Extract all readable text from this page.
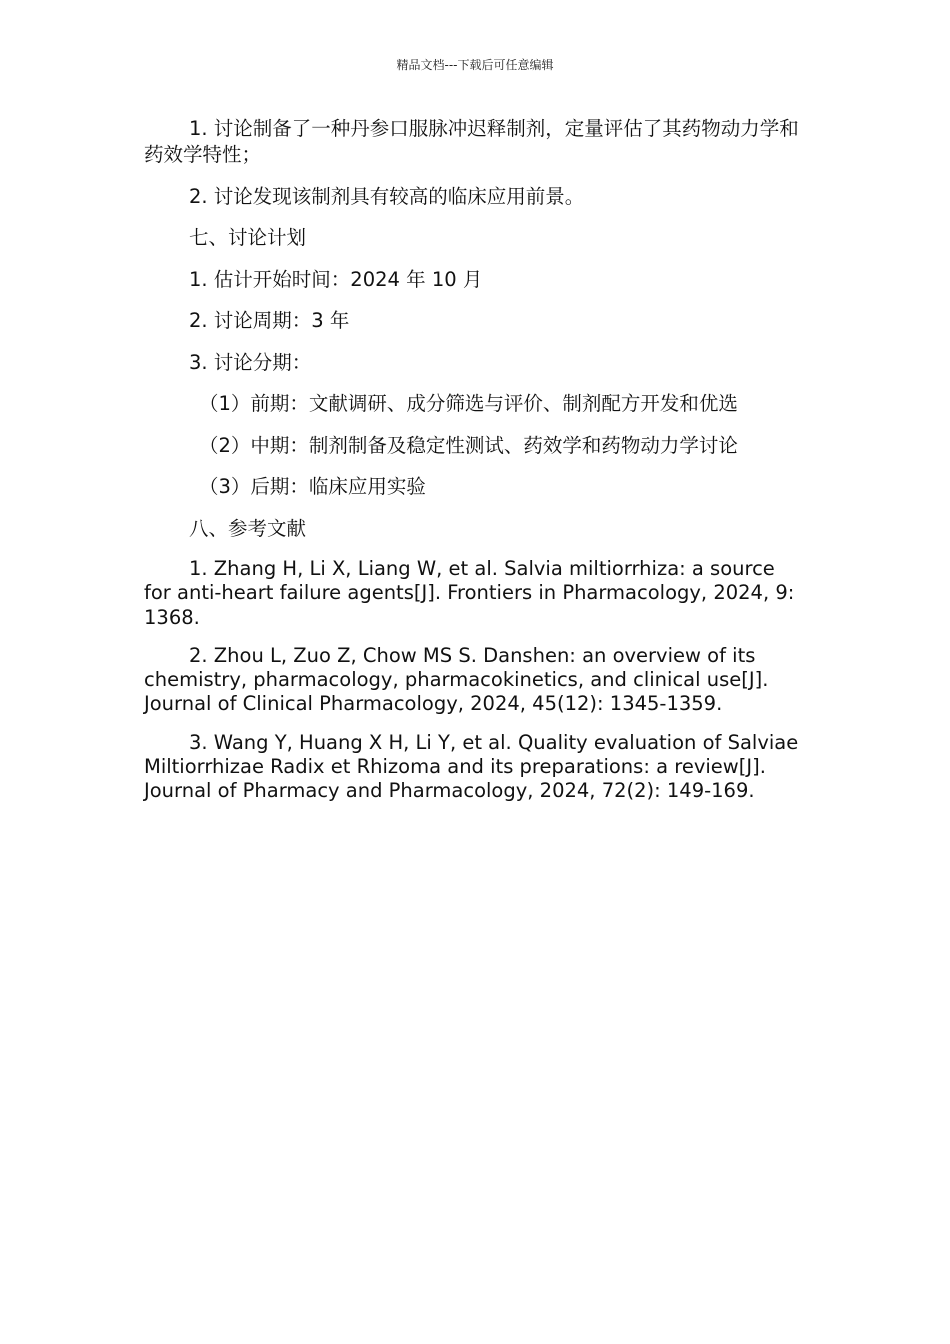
精品文档---下载后可任意编辑

1. 讨论制备了一种丹参口服脉冲迟释制剂，定量评估了其药物动力学和药效学特性；

2. 讨论发现该制剂具有较高的临床应用前景。

七、讨论计划

1. 估计开始时间：2024 年 10 月

2. 讨论周期：3 年

3. 讨论分期：

（1）前期：文献调研、成分筛选与评价、制剂配方开发和优选

（2）中期：制剂制备及稳定性测试、药效学和药物动力学讨论

（3）后期：临床应用实验

八、参考文献

1. Zhang H, Li X, Liang W, et al. Salvia miltiorrhiza: a source for anti-heart failure agents[J]. Frontiers in Pharmacology, 2024, 9: 1368.

2. Zhou L, Zuo Z, Chow MS S. Danshen: an overview of its chemistry, pharmacology, pharmacokinetics, and clinical use[J]. Journal of Clinical Pharmacology, 2024, 45(12): 1345-1359.

3. Wang Y, Huang X H, Li Y, et al. Quality evaluation of Salviae Miltiorrhizae Radix et Rhizoma and its preparations: a review[J]. Journal of Pharmacy and Pharmacology, 2024, 72(2): 149-169.
